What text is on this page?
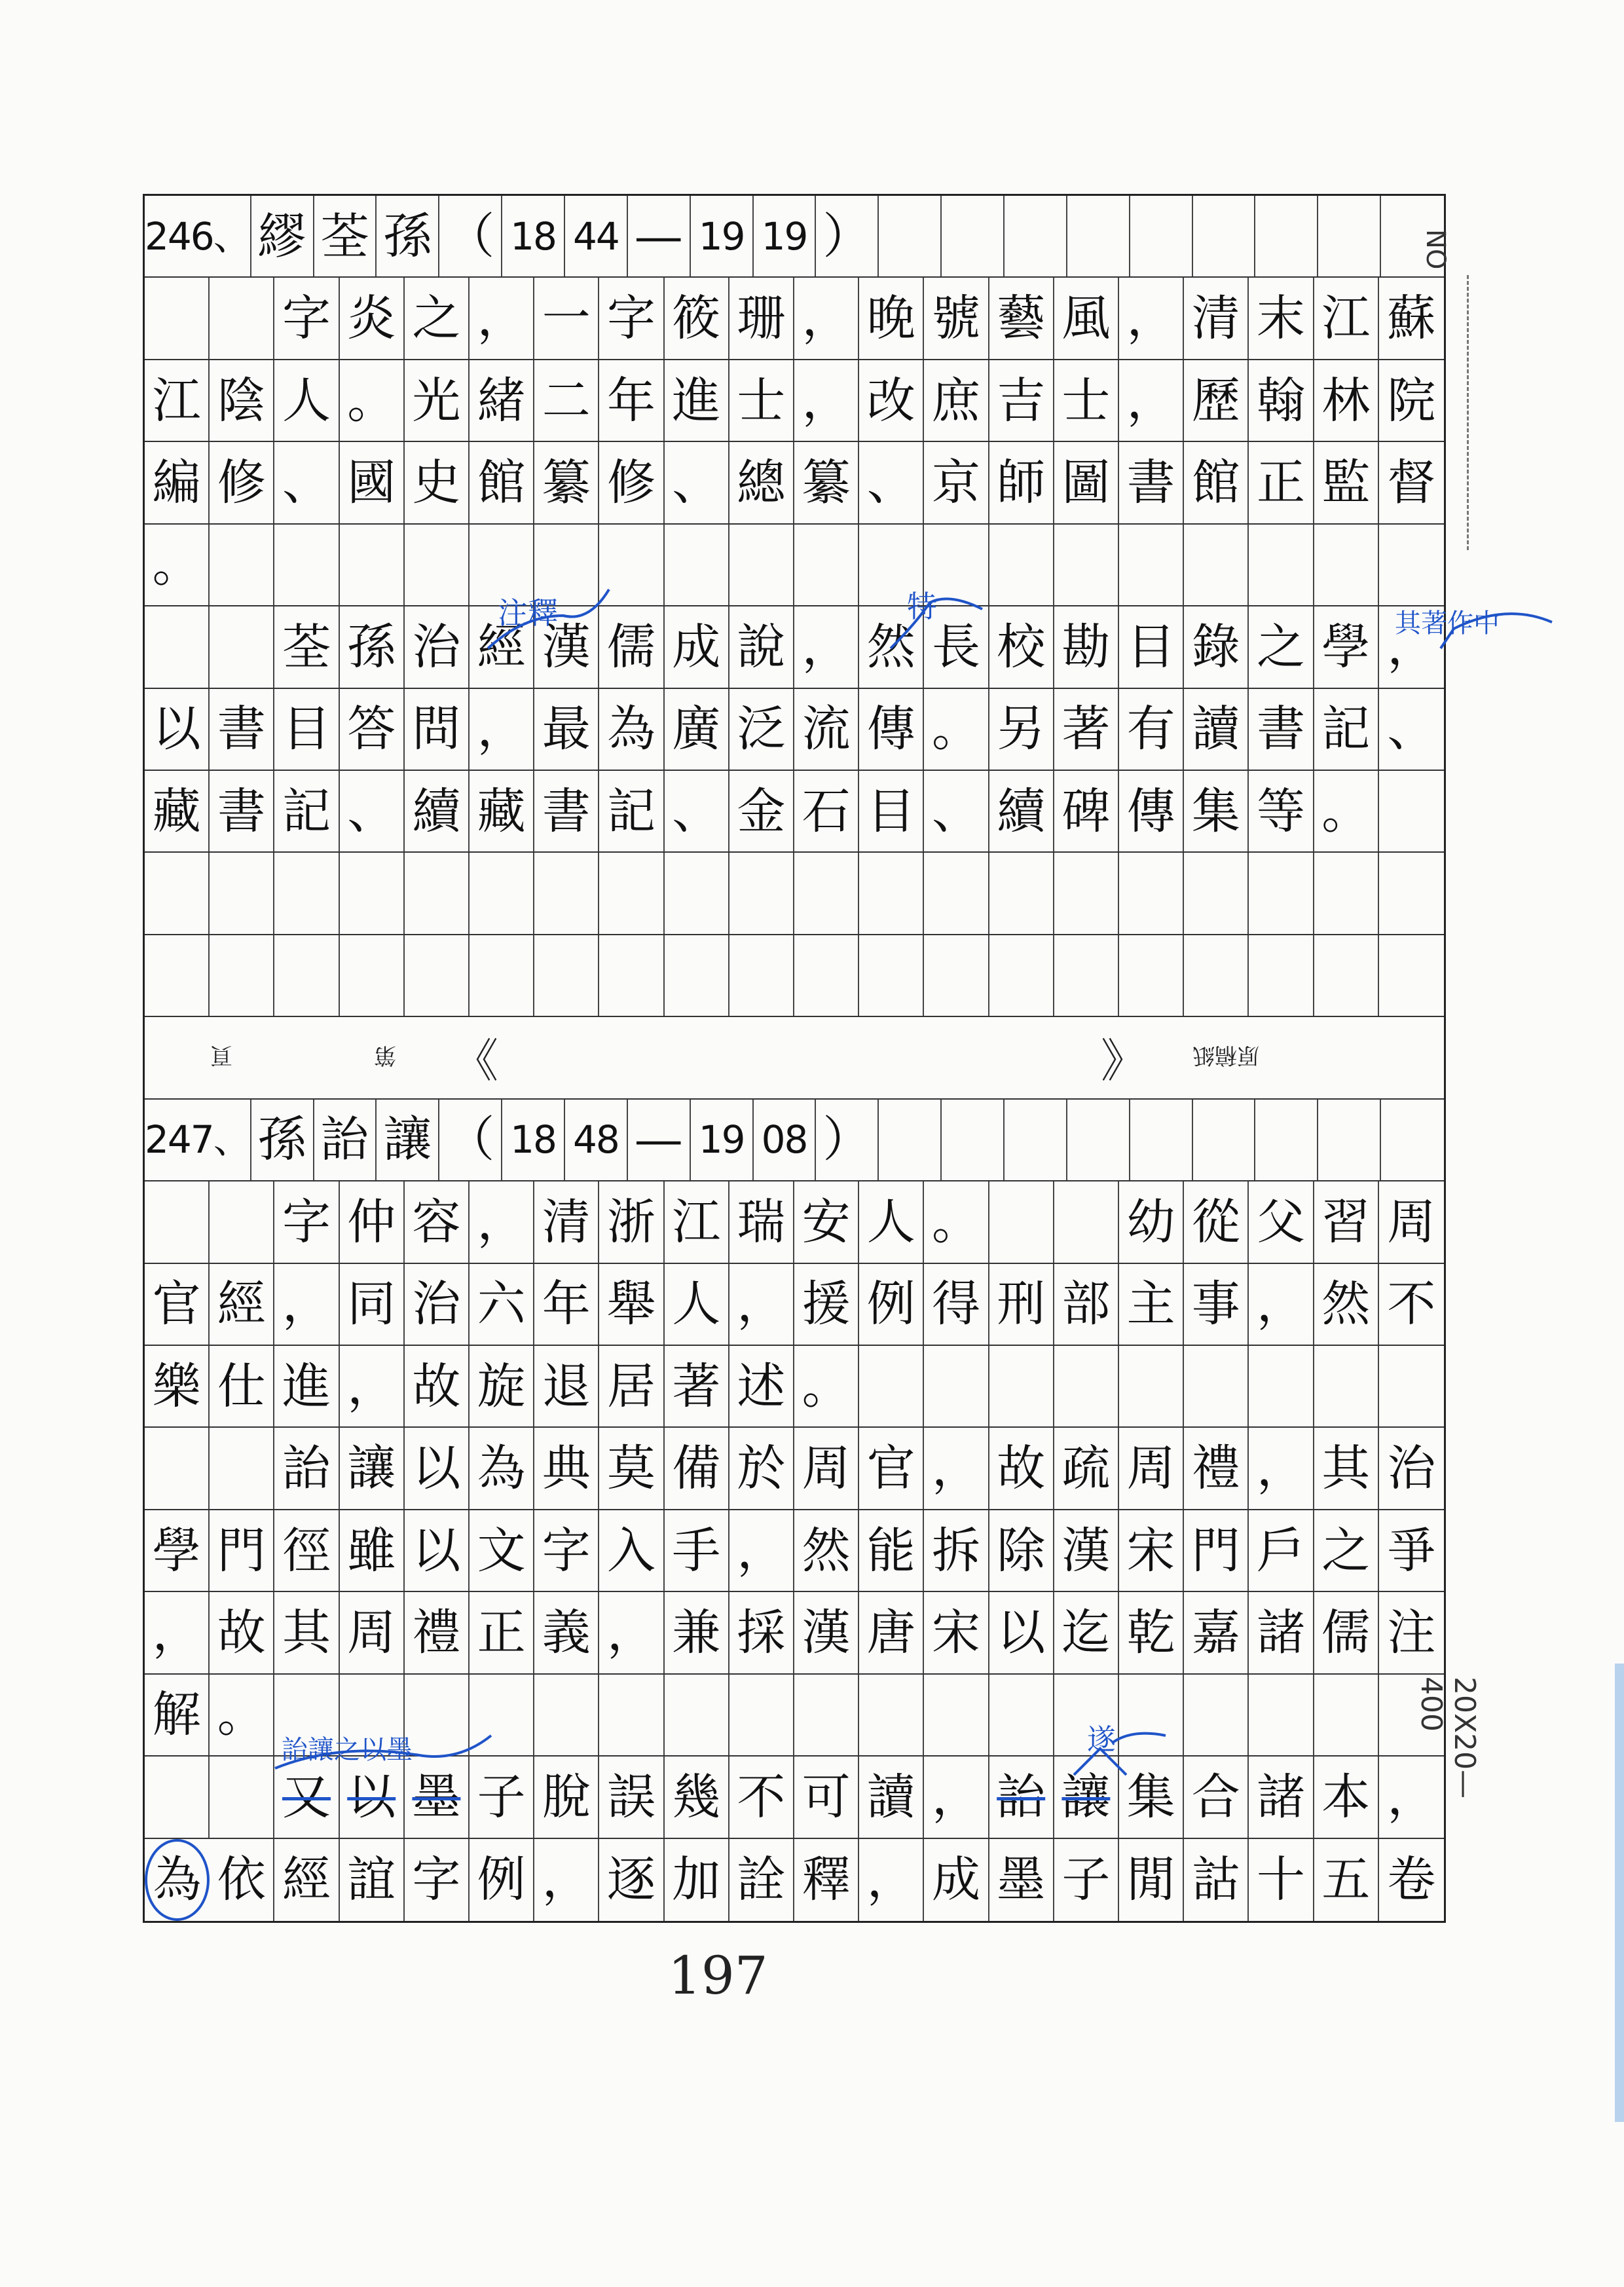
246、 繆 荃 孫 （ 18 44 — 19 19 ）
字 炎 之 ， 一 字 筱 珊 ， 晚 號 藝 風 ， 清 末 江 蘇
江 陰 人 。 光 緒 二 年 進 士 ， 改 庶 吉 士 ， 歷 翰 林 院
編 修 、 國 史 館 纂 修 、 總 纂 、 京 師 圖 書 館 正 監 督
。
荃 孫 治 經 漢 儒 成 說 ， 然 長 校 勘 目 錄 之 學 ，
以 書 目 答 問 ， 最 為 廣 泛 流 傳 。 另 著 有 讀 書 記 、
藏 書 記 、 續 藏 書 記 、 金 石 目 、 續 碑 傳 集 等 。
頁	第 《	》 原稿紙
247、 孫 詒 讓 （ 18 48 — 19 08 ）
字 仲 容 ， 清 浙 江 瑞 安 人 。	幼 從 父 習 周
官 經 ， 同 治 六 年 舉 人 ， 援 例 得 刑 部 主 事 ， 然 不
樂 仕 進 ， 故 旋 退 居 著 述 。
詒 讓 以 為 典 莫 備 於 周 官 ， 故 疏 周 禮 ， 其 治
學 門 徑 雖 以 文 字 入 手 ， 然 能 拆 除 漢 宋 門 戶 之 爭
， 故 其 周 禮 正 義 ， 兼 採 漢 唐 宋 以 迄 乾 嘉 諸 儒 注
解 。
又 以 墨 子 脫 誤 幾 不 可 讀 ， 詒 讓 集 合 諸 本 ，
為 依 經 誼 字 例 ， 逐 加 詮 釋 ， 成 墨 子 閒 詁 十 五 卷
注釋	特	其著作中
詒讓之以墨	遂
NO
20X20—400
197
